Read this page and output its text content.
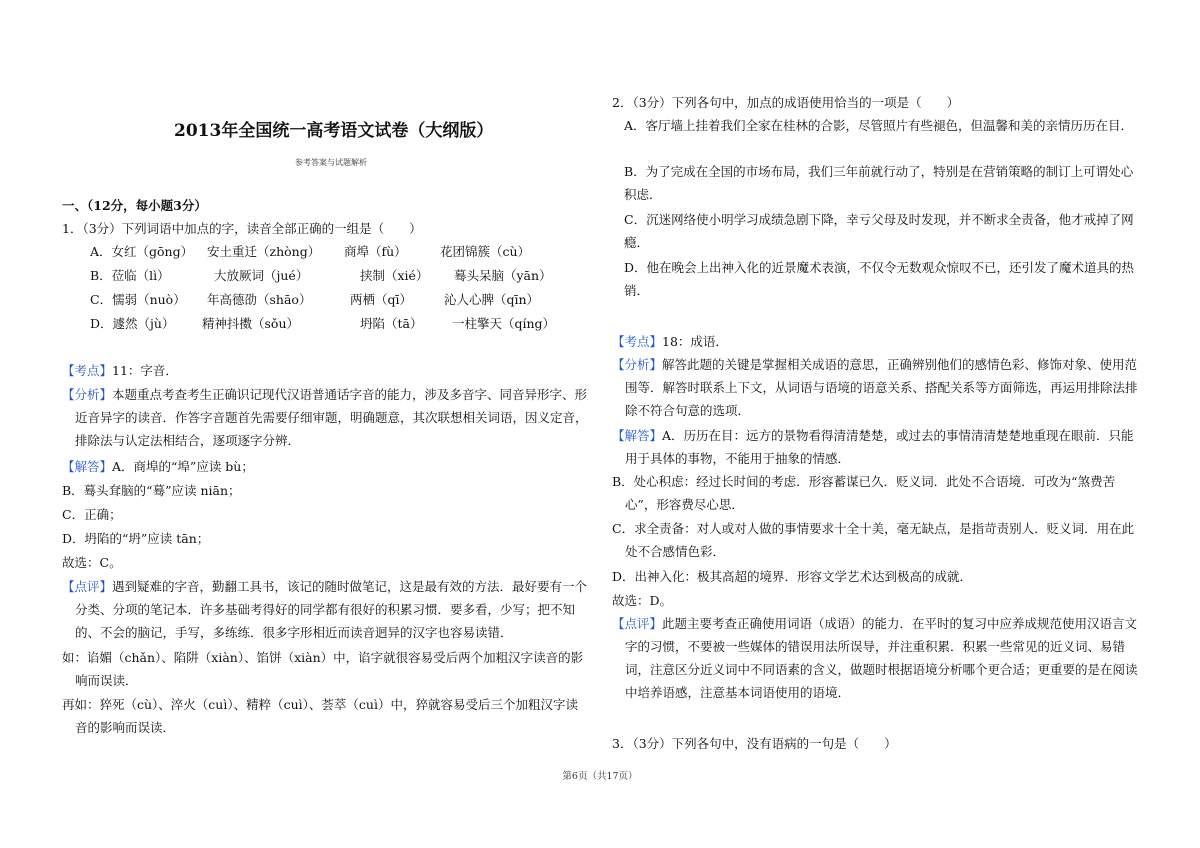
2013年全国统一高考语文试卷（大纲版）
参考答案与试题解析
一、（12分，每小题3分）
1．（3分）下列词语中加点的字，读音全部正确的一组是（　　）
A．女红（gōng） 安土重迁（zhòng） 商埠（fù）	花团锦簇（cù）
B．莅临（lì）	大放厥词（jué）	挟制（xié） 蓦头呆脑（yān）
C．懦弱（nuò） 年高德劭（shāo）	两栖（qī）	沁人心脾（qīn）
D．遽然（jù） 精神抖擞（sǒu）	坍陷（tā） 一柱擎天（qíng）
【考点】11：字音．
【分析】本题重点考查考生正确识记现代汉语普通话字音的能力，涉及多音字、同音异形字、形近音异字的读音．作答字音题首先需要仔细审题，明确题意，其次联想相关词语，因义定音，排除法与认定法相结合，逐项逐字分辨．
【解答】A．商埠的“埠”应读 bù；
B．蓦头耷脑的“蓦”应读 niān；
C．正确；
D．坍陷的“坍”应读 tān；
故选：C。
【点评】遇到疑难的字音，勤翻工具书，该记的随时做笔记，这是最有效的方法．最好要有一个分类、分项的笔记本．许多基础考得好的同学都有很好的积累习惯．要多看，少写；把不知的、不会的脑记，手写，多练练．很多字形相近而读音迥异的汉字也容易读错．
如：谄媚（chǎn）、陷阱（xiàn）、馅饼（xiàn）中，谄字就很容易受后两个加粗汉字读音的影响而误读．
再如：猝死（cù）、淬火（cuì）、精粹（cuì）、荟萃（cuì）中，猝就容易受后三个加粗汉字读音的影响而误读．
2．（3分）下列各句中，加点的成语使用恰当的一项是（　　）
A．客厅墙上挂着我们全家在桂林的合影，尽管照片有些褪色，但温馨和美的亲情历历在目．
B．为了完成在全国的市场布局，我们三年前就行动了，特别是在营销策略的制订上可谓处心积虑．
C．沉迷网络使小明学习成绩急剧下降，幸亏父母及时发现，并不断求全责备，他才戒掉了网瘾．
D．他在晚会上出神入化的近景魔术表演，不仅令无数观众惊叹不已，还引发了魔术道具的热销．
【考点】18：成语．
【分析】解答此题的关键是掌握相关成语的意思，正确辨别他们的感情色彩、修饰对象、使用范围等．解答时联系上下文，从词语与语境的语意关系、搭配关系等方面筛选，再运用排除法排除不符合句意的选项．
【解答】A．历历在目：远方的景物看得清清楚楚，或过去的事情清清楚楚地重现在眼前．只能用于具体的事物，不能用于抽象的情感．
B．处心积虑：经过长时间的考虑．形容蓄谋已久．贬义词．此处不合语境．可改为“煞费苦心”，形容费尽心思．
C．求全责备：对人或对人做的事情要求十全十美，毫无缺点，是指苛责别人．贬义词．用在此处不合感情色彩．
D．出神入化：极其高超的境界．形容文学艺术达到极高的成就．
故选：D。
【点评】此题主要考查正确使用词语（成语）的能力．在平时的复习中应养成规范使用汉语言文字的习惯，不要被一些媒体的错误用法所误导，并注重积累．积累一些常见的近义词、易错词，注意区分近义词中不同语素的含义，做题时根据语境分析哪个更合适；更重要的是在阅读中培养语感，注意基本词语使用的语境．
3．（3分）下列各句中，没有语病的一句是（　　）
第6页（共17页）
